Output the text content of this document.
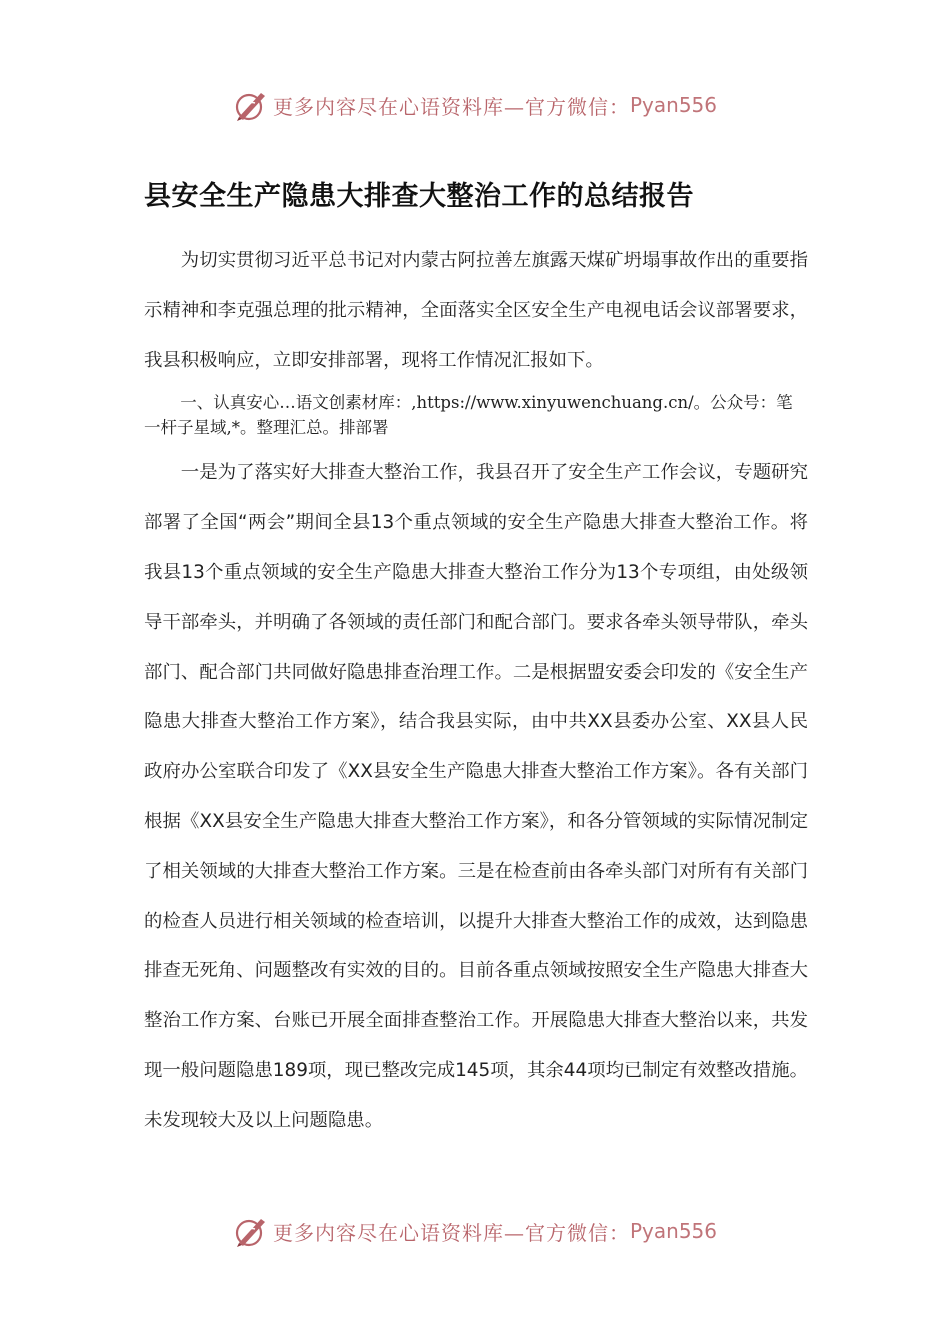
更多内容尽在心语资料库—官方微信： Pyan556
县安全生产隐患大排查大整治工作的总结报告

为切实贯彻习近平总书记对内蒙古阿拉善左旗露天煤矿坍塌事故作出的重要指示精神和李克强总理的批示精神，全面落实全区安全生产电视电话会议部署要求，我县积极响应，立即安排部署，现将工作情况汇报如下。

一、认真安心…语文创素材库：,https://www.xinyuwenchuang.cn/。公众号：笔一杆子星域,*。整理汇总。排部署

一是为了落实好大排查大整治工作，我县召开了安全生产工作会议，专题研究部署了全国“两会”期间全县13个重点领域的安全生产隐患大排查大整治工作。将我县13个重点领域的安全生产隐患大排查大整治工作分为13个专项组，由处级领导干部牵头，并明确了各领域的责任部门和配合部门。要求各牵头领导带队，牵头部门、配合部门共同做好隐患排查治理工作。二是根据盟安委会印发的《安全生产隐患大排查大整治工作方案》，结合我县实际，由中共XX县委办公室、XX县人民政府办公室联合印发了《XX县安全生产隐患大排查大整治工作方案》。各有关部门根据《XX县安全生产隐患大排查大整治工作方案》，和各分管领域的实际情况制定了相关领域的大排查大整治工作方案。三是在检查前由各牵头部门对所有有关部门的检查人员进行相关领域的检查培训，以提升大排查大整治工作的成效，达到隐患排查无死角、问题整改有实效的目的。目前各重点领域按照安全生产隐患大排查大整治工作方案、台账已开展全面排查整治工作。开展隐患大排查大整治以来，共发现一般问题隐患189项，现已整改完成145项，其余44项均已制定有效整改措施。未发现较大及以上问题隐患。

更多内容尽在心语资料库—官方微信： Pyan556
